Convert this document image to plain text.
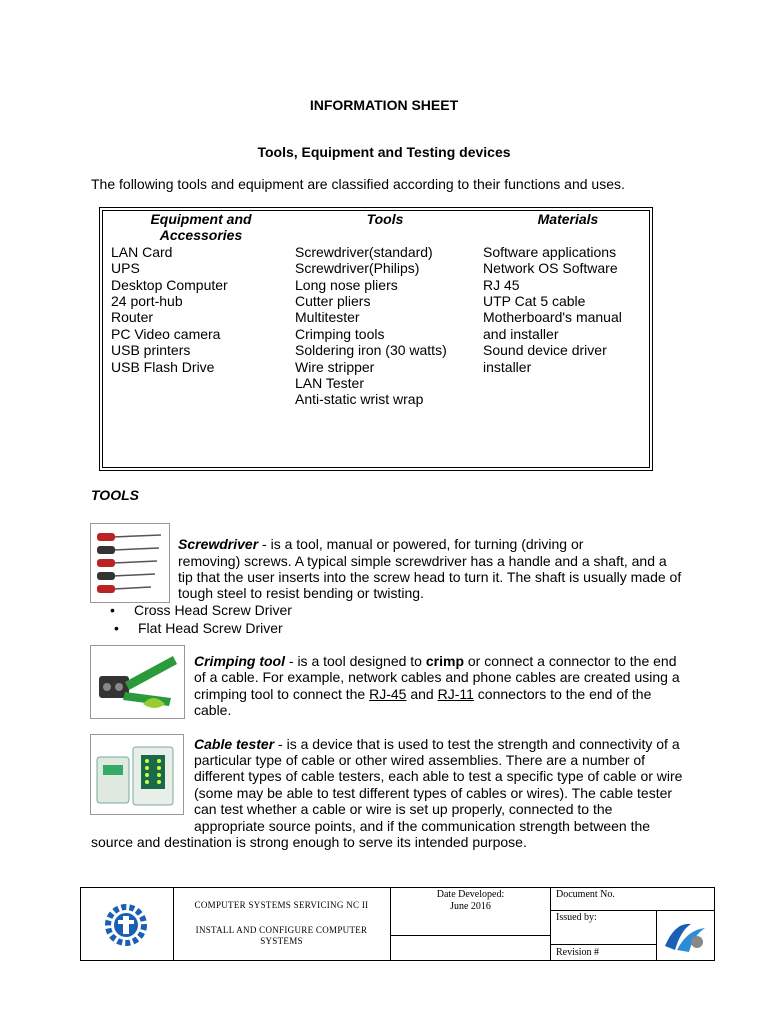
INFORMATION SHEET
Tools, Equipment and Testing devices
The following tools and equipment are classified according to their functions and uses.
Equipment and Accessories
LAN Card
UPS
Desktop Computer
24 port-hub
Router
PC Video camera
USB printers
USB Flash Drive
Tools
Screwdriver(standard)
Screwdriver(Philips)
Long nose pliers
Cutter pliers
Multitester
Crimping tools
Soldering iron (30 watts)
Wire stripper
LAN Tester
Anti-static wrist wrap
Materials
Software applications
Network OS Software
RJ 45
UTP Cat 5 cable
Motherboard's manual
and installer
Sound device driver
installer
TOOLS
Screwdriver - is a tool, manual or powered, for turning (driving or
removing) screws. A typical simple screwdriver has a handle and a shaft, and a
tip that the user inserts into the screw head to turn it. The shaft is usually made of
tough steel to resist bending or twisting.
• Cross Head Screw Driver
• Flat Head Screw Driver
Crimping tool - is a tool designed to crimp or connect a connector to the end
of a cable. For example, network cables and phone cables are created using a
crimping tool to connect the RJ-45 and RJ-11 connectors to the end of the
cable.
Cable tester - is a device that is used to test the strength and connectivity of a
particular type of cable or other wired assemblies. There are a number of
different types of cable testers, each able to test a specific type of cable or wire
(some may be able to test different types of cables or wires). The cable tester
can test whether a cable or wire is set up properly, connected to the
appropriate source points, and if the communication strength between the
source and destination is strong enough to serve its intended purpose.
COMPUTER SYSTEMS SERVICING NC II
INSTALL AND CONFIGURE COMPUTER SYSTEMS
Date Developed:
June 2016
Document No.
Issued by:
Revision #
